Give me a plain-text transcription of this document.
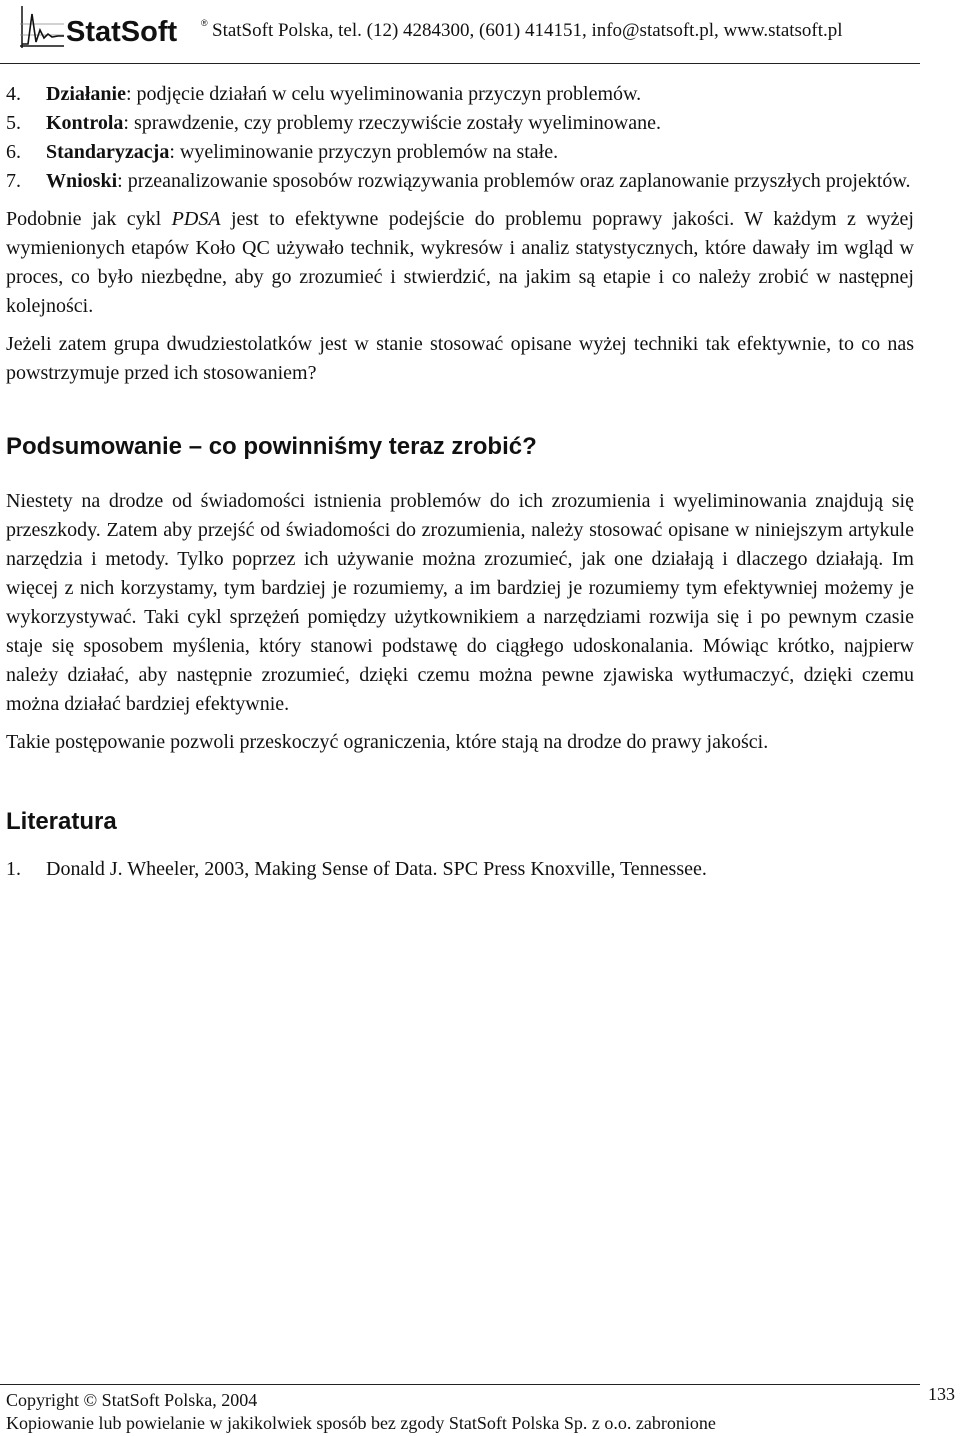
StatSoft	® StatSoft Polska, tel. (12) 4284300, (601) 414151, info@statsoft.pl, www.statsoft.pl
4.	Działanie: podjęcie działań w celu wyeliminowania przyczyn problemów.
5.	Kontrola: sprawdzenie, czy problemy rzeczywiście zostały wyeliminowane.
6.	Standaryzacja: wyeliminowanie przyczyn problemów na stałe.
7.	Wnioski: przeanalizowanie sposobów rozwiązywania problemów oraz zaplanowanie przyszłych projektów.

Podobnie jak cykl PDSA jest to efektywne podejście do problemu poprawy jakości. W każdym z wyżej wymienionych etapów Koło QC używało technik, wykresów i analiz statystycznych, które dawały im wgląd w proces, co było niezbędne, aby go zrozumieć i stwierdzić, na jakim są etapie i co należy zrobić w następnej kolejności.

Jeżeli zatem grupa dwudziestolatków jest w stanie stosować opisane wyżej techniki tak efektywnie, to co nas powstrzymuje przed ich stosowaniem?

Podsumowanie – co powinniśmy teraz zrobić?

Niestety na drodze od świadomości istnienia problemów do ich zrozumienia i wyeliminowania znajdują się przeszkody. Zatem aby przejść od świadomości do zrozumienia, należy stosować opisane w niniejszym artykule narzędzia i metody. Tylko poprzez ich używanie można zrozumieć, jak one działają i dlaczego działają. Im więcej z nich korzystamy, tym bardziej je rozumiemy, a im bardziej je rozumiemy tym efektywniej możemy je wykorzystywać. Taki cykl sprzężeń pomiędzy użytkownikiem a narzędziami rozwija się i po pewnym czasie staje się sposobem myślenia, który stanowi podstawę do ciągłego udoskonalania. Mówiąc krótko, najpierw należy działać, aby następnie zrozumieć, dzięki czemu można pewne zjawiska wytłumaczyć, dzięki czemu można działać bardziej efektywnie.

Takie postępowanie pozwoli przeskoczyć ograniczenia, które stają na drodze do prawy jakości.

Literatura
1.	Donald J. Wheeler, 2003, Making Sense of Data. SPC Press Knoxville, Tennessee.
Copyright © StatSoft Polska, 2004
Kopiowanie lub powielanie w jakikolwiek sposób bez zgody StatSoft Polska Sp. z o.o. zabronione
133
